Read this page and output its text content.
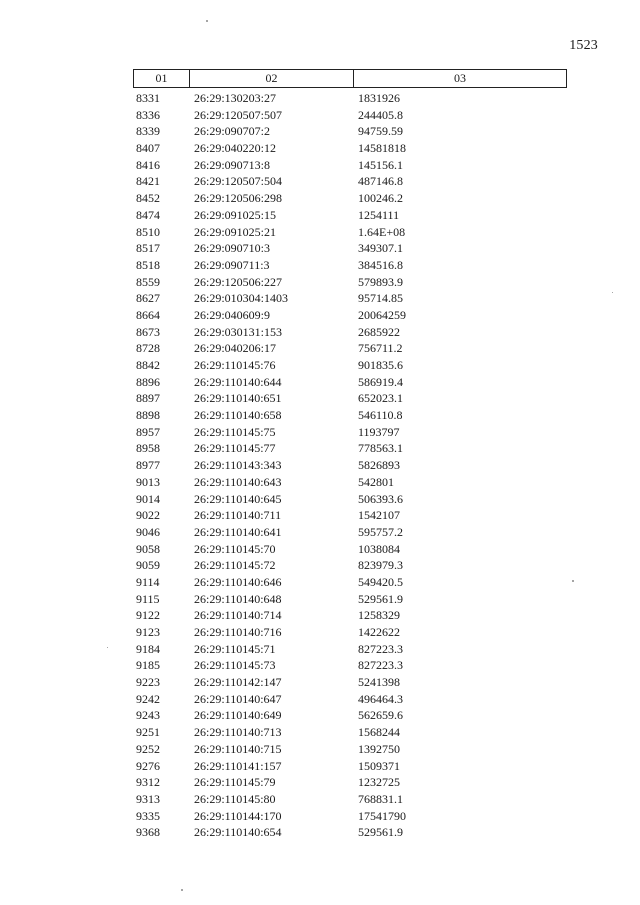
1523
01	02	03
8331	26:29:130203:27	1831926
8336	26:29:120507:507	244405.8
8339	26:29:090707:2	94759.59
8407	26:29:040220:12	14581818
8416	26:29:090713:8	145156.1
8421	26:29:120507:504	487146.8
8452	26:29:120506:298	100246.2
8474	26:29:091025:15	1254111
8510	26:29:091025:21	1.64E+08
8517	26:29:090710:3	349307.1
8518	26:29:090711:3	384516.8
8559	26:29:120506:227	579893.9
8627	26:29:010304:1403	95714.85
8664	26:29:040609:9	20064259
8673	26:29:030131:153	2685922
8728	26:29:040206:17	756711.2
8842	26:29:110145:76	901835.6
8896	26:29:110140:644	586919.4
8897	26:29:110140:651	652023.1
8898	26:29:110140:658	546110.8
8957	26:29:110145:75	1193797
8958	26:29:110145:77	778563.1
8977	26:29:110143:343	5826893
9013	26:29:110140:643	542801
9014	26:29:110140:645	506393.6
9022	26:29:110140:711	1542107
9046	26:29:110140:641	595757.2
9058	26:29:110145:70	1038084
9059	26:29:110145:72	823979.3
9114	26:29:110140:646	549420.5
9115	26:29:110140:648	529561.9
9122	26:29:110140:714	1258329
9123	26:29:110140:716	1422622
9184	26:29:110145:71	827223.3
9185	26:29:110145:73	827223.3
9223	26:29:110142:147	5241398
9242	26:29:110140:647	496464.3
9243	26:29:110140:649	562659.6
9251	26:29:110140:713	1568244
9252	26:29:110140:715	1392750
9276	26:29:110141:157	1509371
9312	26:29:110145:79	1232725
9313	26:29:110145:80	768831.1
9335	26:29:110144:170	17541790
9368	26:29:110140:654	529561.9
